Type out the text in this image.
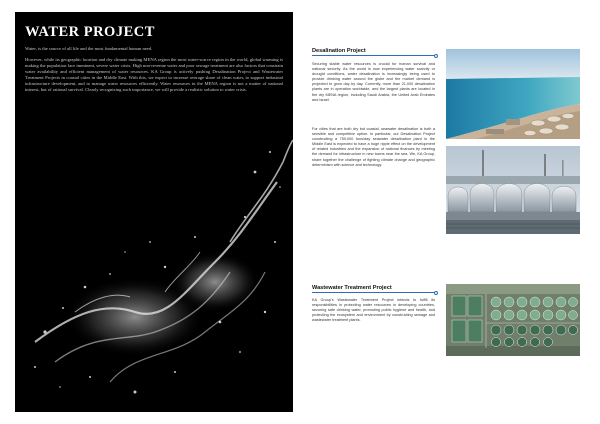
WATER PROJECT

Water, is the source of all life and the most fundamental human need.

However, while its geographic location and dry climate making MENA region the most water-scarce region in the world, global warming is making the population face imminent, severe water crisis. High non-revenue water and poor sewage treatment are also factors that constrain water availability and efficient management of water resources. KA Group is actively pushing Desalination Project and Wastewater Treatment Projects in coastal cities in the Middle East. With this, we expect to increase average share of clean water, to support industrial infrastructure development, and to manage water resources efficiently. Water resources in the MENA region is not a matter of national interest, but of rational survival. Clearly recognizing such importance, we will provide a realistic solution to water crisis.

Desalination Project

Securing stable water resources is crucial for human survival and national security. As the world is now experiencing water scarcity or drought conditions, water desalination is increasingly being used to provide drinking water around the globe and the market demand is projected to grow day by day. Currently, more than 21,000 desalination plants are in operation worldwide, and the largest plants are located in the dry MENA region, including Saudi Arabia, the United Arab Emirates and Israel.

For cities that are both dry but coastal, seawater desalination is both a sensible and competitive option. In particular, our Desalination Project constructing a 750,000 tons/day seawater desalination plant in the Middle East is expected to have a huge ripple effect on the development of related industries and the expansion of national finances by meeting the demand for infrastructure in new towns near the sea. We, KA Group, share together the challenge of fighting climate change and geographic determinism with science and technology.

Wastewater Treatment Project

KA Group's Wastewater Treatment Project intends to fulfill its responsibilities in protecting water resources in developing countries, securing safe drinking water, promoting public hygiene and health, and protecting the ecosystem and environment by constructing sewage and wastewater treatment plants.
